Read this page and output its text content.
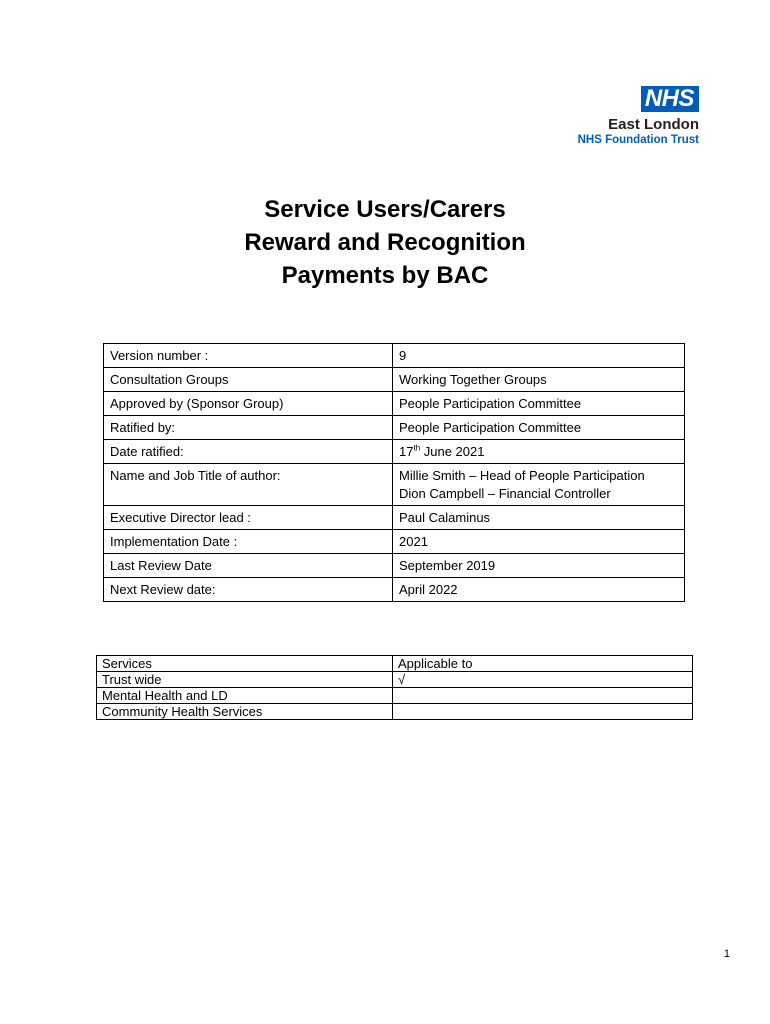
NHS
East London
NHS Foundation Trust
Service Users/Carers
Reward and Recognition
Payments by BAC
Version number :	9
Consultation Groups	Working Together Groups
Approved by (Sponsor Group)	People Participation Committee
Ratified by:	People Participation Committee
Date ratified:	17th June 2021
Name and Job Title of author:	Millie Smith – Head of People Participation
Dion Campbell – Financial Controller

Executive Director lead :	Paul Calaminus
Implementation Date :	2021
Last Review Date	September 2019
Next Review date:	April 2022
Services	Applicable to
Trust wide	√
Mental Health and LD	
Community Health Services	
1
